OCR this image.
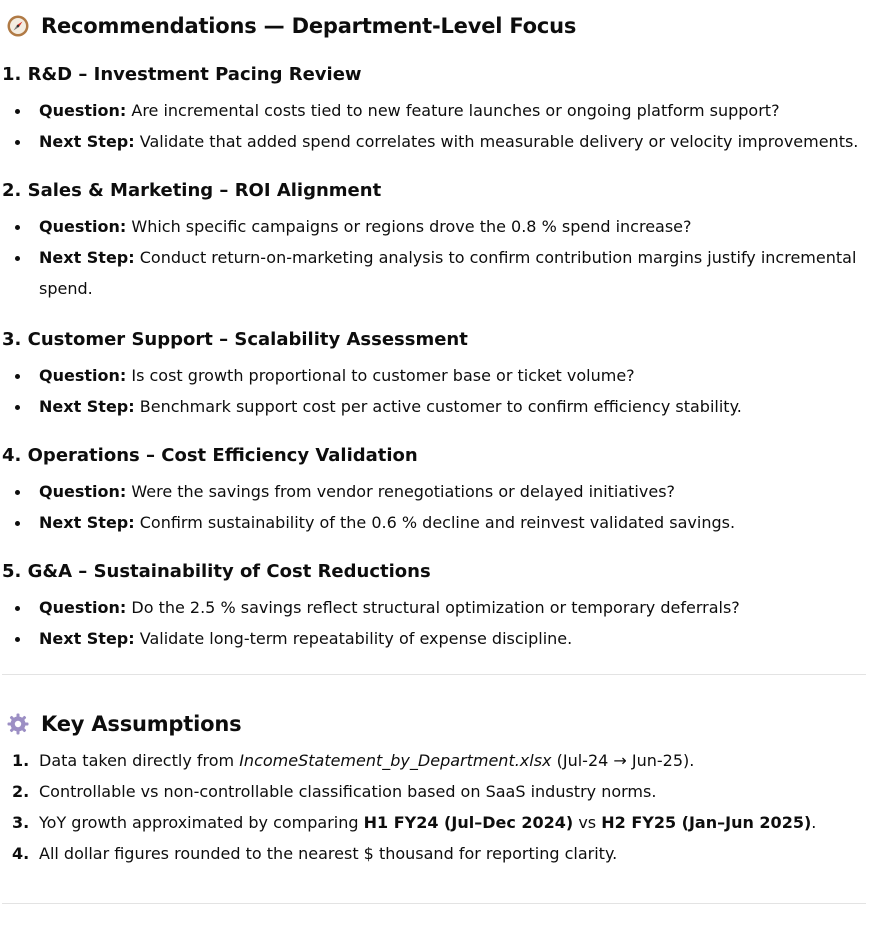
Recommendations — Department-Level Focus
1. R&D – Investment Pacing Review
Question: Are incremental costs tied to new feature launches or ongoing platform support?
Next Step: Validate that added spend correlates with measurable delivery or velocity improvements.
2. Sales & Marketing – ROI Alignment
Question: Which specific campaigns or regions drove the 0.8 % spend increase?
Next Step: Conduct return-on-marketing analysis to confirm contribution margins justify incremental spend.
3. Customer Support – Scalability Assessment
Question: Is cost growth proportional to customer base or ticket volume?
Next Step: Benchmark support cost per active customer to confirm efficiency stability.
4. Operations – Cost Efficiency Validation
Question: Were the savings from vendor renegotiations or delayed initiatives?
Next Step: Confirm sustainability of the 0.6 % decline and reinvest validated savings.
5. G&A – Sustainability of Cost Reductions
Question: Do the 2.5 % savings reflect structural optimization or temporary deferrals?
Next Step: Validate long-term repeatability of expense discipline.
Key Assumptions
1. Data taken directly from IncomeStatement_by_Department.xlsx (Jul-24 → Jun-25).
2. Controllable vs non-controllable classification based on SaaS industry norms.
3. YoY growth approximated by comparing H1 FY24 (Jul–Dec 2024) vs H2 FY25 (Jan–Jun 2025).
4. All dollar figures rounded to the nearest $ thousand for reporting clarity.
